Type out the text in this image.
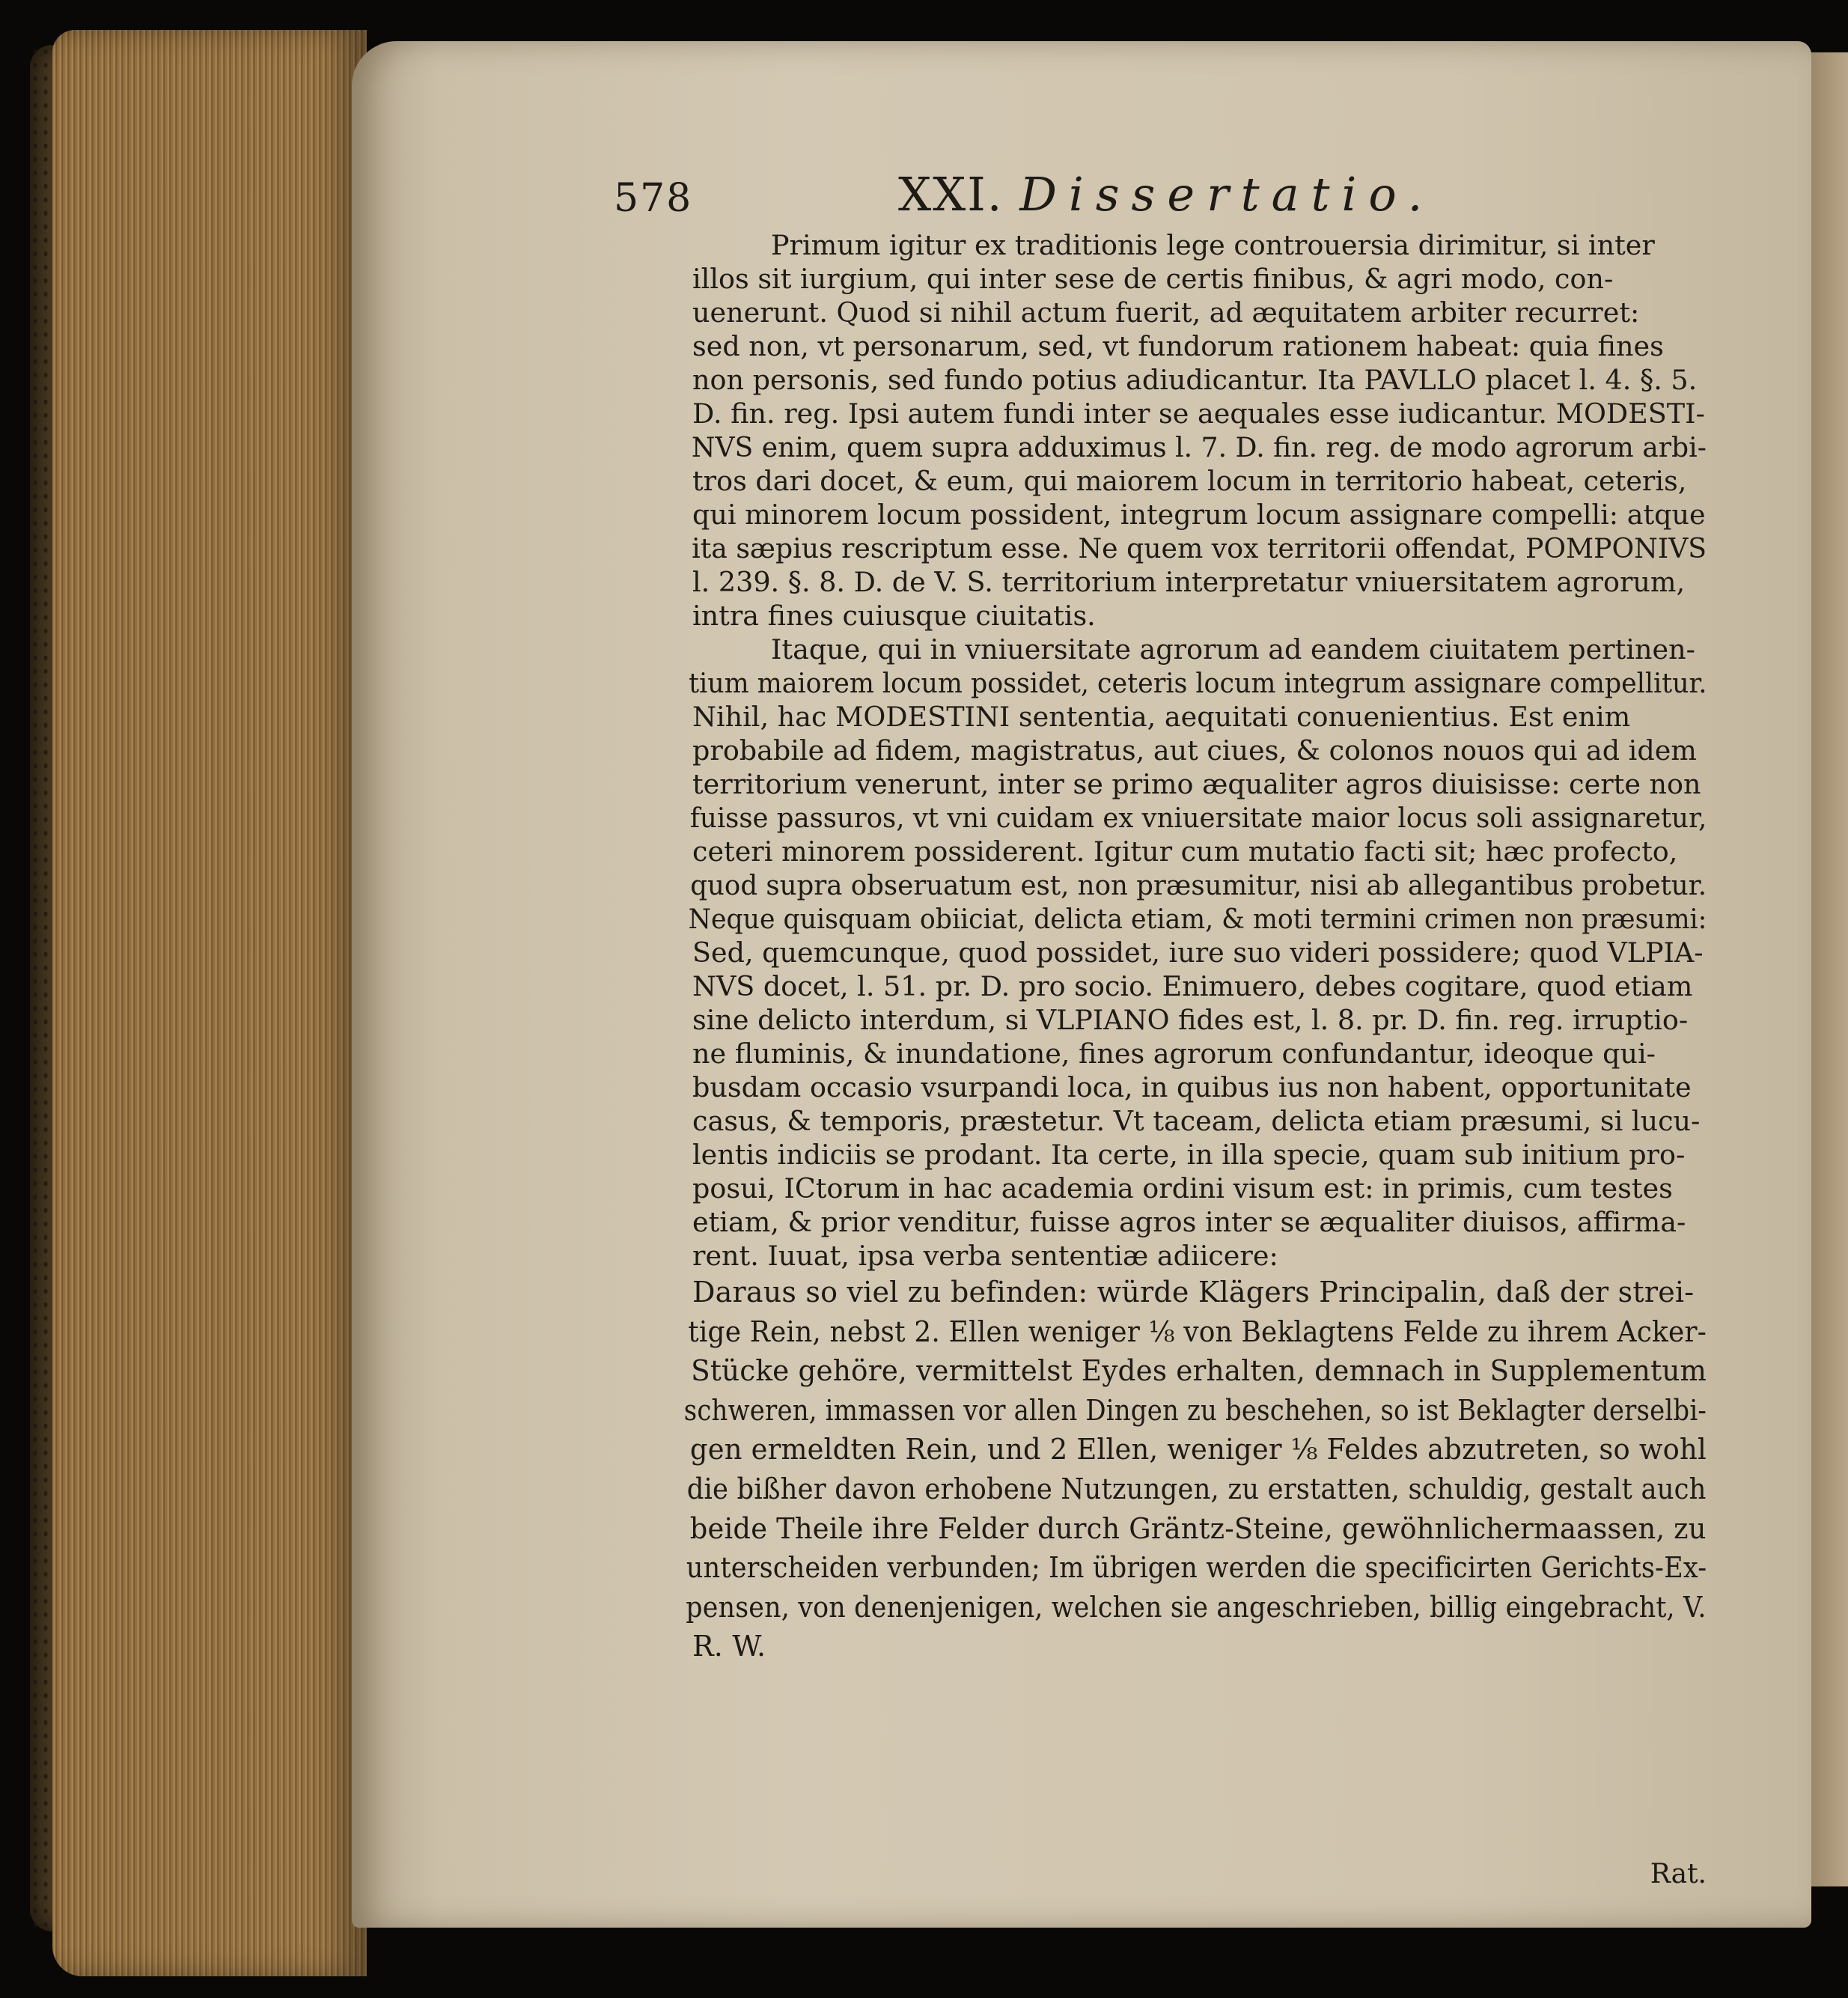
578	XXI. Dissertatio.

Primum igitur ex traditionis lege controuersia dirimitur, si inter
illos sit iurgium, qui inter sese de certis finibus, & agri modo, con-
uenerunt. Quod si nihil actum fuerit, ad æquitatem arbiter recurret:
sed non, vt personarum, sed, vt fundorum rationem habeat: quia fines
non personis, sed fundo potius adiudicantur. Ita PAVLLO placet l. 4. §. 5.
D. fin. reg. Ipsi autem fundi inter se aequales esse iudicantur. MODESTI-
NVS enim, quem supra adduximus l. 7. D. fin. reg. de modo agrorum arbi-
tros dari docet, & eum, qui maiorem locum in territorio habeat, ceteris,
qui minorem locum possident, integrum locum assignare compelli: atque
ita sæpius rescriptum esse. Ne quem vox territorii offendat, POMPONIVS
l. 239. §. 8. D. de V. S. territorium interpretatur vniuersitatem agrorum,
intra fines cuiusque ciuitatis.

Itaque, qui in vniuersitate agrorum ad eandem ciuitatem pertinen-
tium maiorem locum possidet, ceteris locum integrum assignare compellitur.
Nihil, hac MODESTINI sententia, aequitati conuenientius. Est enim
probabile ad fidem, magistratus, aut ciues, & colonos nouos qui ad idem
territorium venerunt, inter se primo æqualiter agros diuisisse: certe non
fuisse passuros, vt vni cuidam ex vniuersitate maior locus soli assignaretur,
ceteri minorem possiderent. Igitur cum mutatio facti sit; hæc profecto,
quod supra obseruatum est, non præsumitur, nisi ab allegantibus probetur.
Neque quisquam obiiciat, delicta etiam, & moti termini crimen non præsumi:
Sed, quemcunque, quod possidet, iure suo videri possidere; quod VLPIA-
NVS docet, l. 51. pr. D. pro socio. Enimuero, debes cogitare, quod etiam
sine delicto interdum, si VLPIANO fides est, l. 8. pr. D. fin. reg. irruptio-
ne fluminis, & inundatione, fines agrorum confundantur, ideoque qui-
busdam occasio vsurpandi loca, in quibus ius non habent, opportunitate
casus, & temporis, præstetur. Vt taceam, delicta etiam præsumi, si lucu-
lentis indiciis se prodant. Ita certe, in illa specie, quam sub initium pro-
posui, ICtorum in hac academia ordini visum est: in primis, cum testes
etiam, & prior venditur, fuisse agros inter se æqualiter diuisos, affirma-
rent. Iuuat, ipsa verba sententiæ adiicere:

Daraus so viel zu befinden: würde Klägers Principalin, daß der strei-
tige Rein, nebst 2. Ellen weniger ⅛ von Beklagtens Felde zu ihrem Acker-
Stücke gehöre, vermittelst Eydes erhalten, demnach in Supplementum
schweren, immassen vor allen Dingen zu beschehen, so ist Beklagter derselbi-
gen ermeldten Rein, und 2 Ellen, weniger ⅛ Feldes abzutreten, so wohl
die bißher davon erhobene Nutzungen, zu erstatten, schuldig, gestalt auch
beide Theile ihre Felder durch Gräntz-Steine, gewöhnlichermaassen, zu
unterscheiden verbunden; Im übrigen werden die specificirten Gerichts-Ex-
pensen, von denenjenigen, welchen sie angeschrieben, billig eingebracht, V.
R. W.

Rat.
